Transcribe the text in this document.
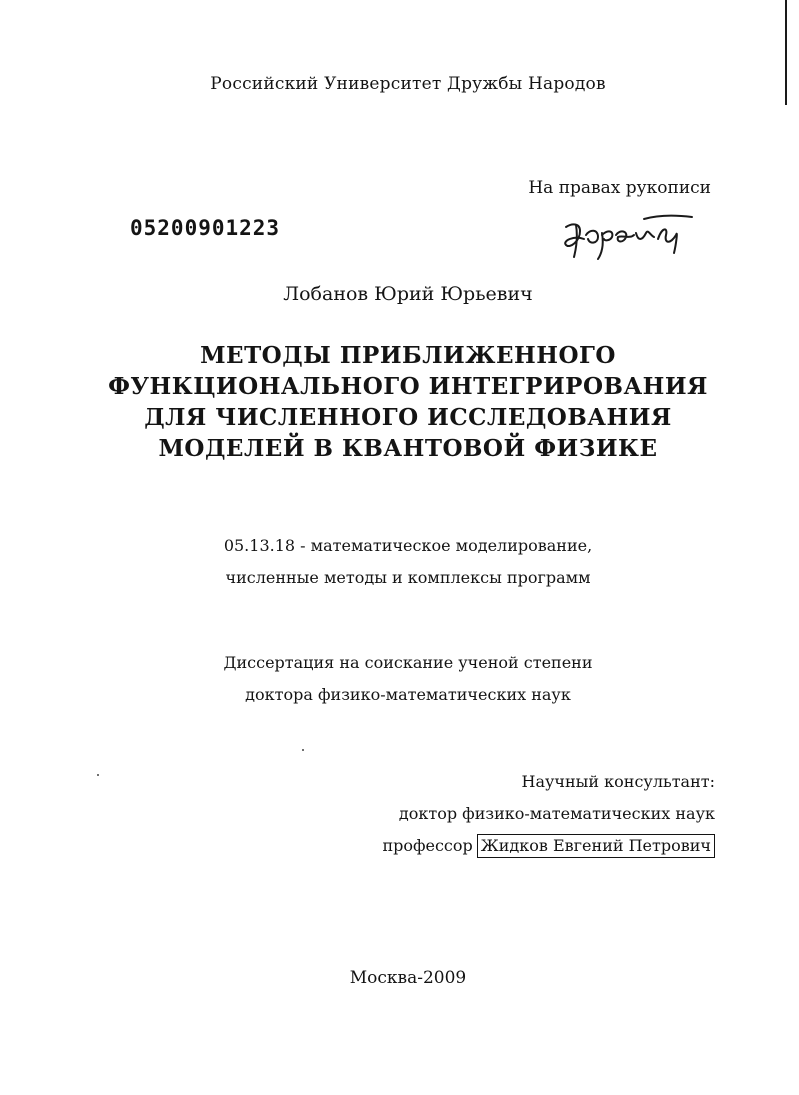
Российский Университет Дружбы Народов
На правах рукописи
05200901223
Лобанов Юрий Юрьевич
МЕТОДЫ ПРИБЛИЖЕННОГО
ФУНКЦИОНАЛЬНОГО ИНТЕГРИРОВАНИЯ
ДЛЯ ЧИСЛЕННОГО ИССЛЕДОВАНИЯ
МОДЕЛЕЙ В КВАНТОВОЙ ФИЗИКЕ
05.13.18 - математическое моделирование,
численные методы и комплексы программ
Диссертация на соискание ученой степени
доктора физико-математических наук
Научный консультант:
доктор физико-математических наук
профессор Жидков Евгений Петрович
Москва-2009
